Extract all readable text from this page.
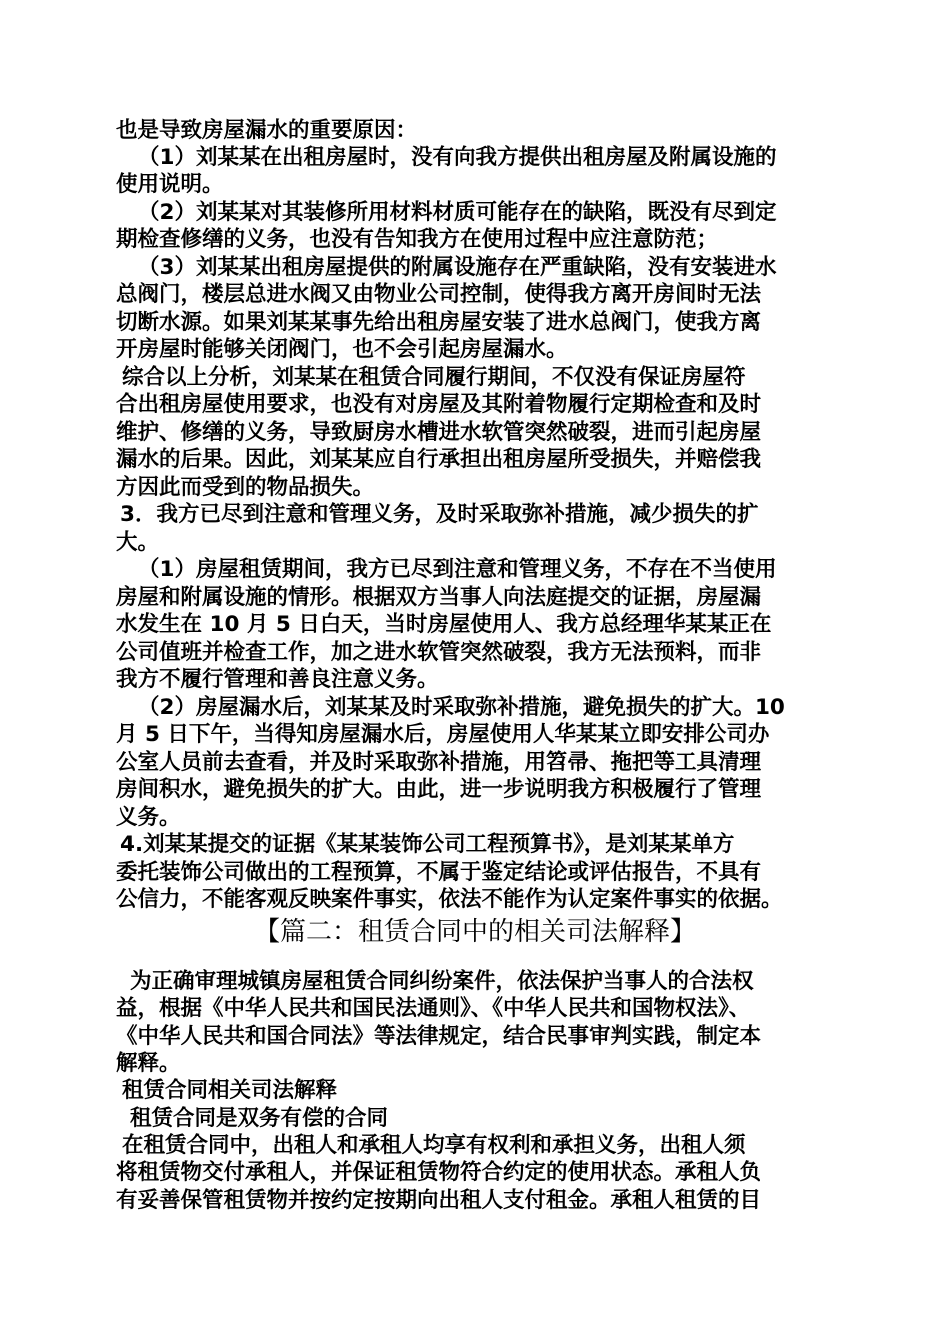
也是导致房屋漏水的重要原因：
（1）刘某某在出租房屋时，没有向我方提供出租房屋及附属设施的
使用说明。
（2）刘某某对其装修所用材料材质可能存在的缺陷，既没有尽到定
期检查修缮的义务，也没有告知我方在使用过程中应注意防范；
（3）刘某某出租房屋提供的附属设施存在严重缺陷，没有安装进水
总阀门，楼层总进水阀又由物业公司控制，使得我方离开房间时无法
切断水源。如果刘某某事先给出租房屋安装了进水总阀门，使我方离
开房屋时能够关闭阀门，也不会引起房屋漏水。
综合以上分析，刘某某在租赁合同履行期间，不仅没有保证房屋符
合出租房屋使用要求，也没有对房屋及其附着物履行定期检查和及时
维护、修缮的义务，导致厨房水槽进水软管突然破裂，进而引起房屋
漏水的后果。因此，刘某某应自行承担出租房屋所受损失，并赔偿我
方因此而受到的物品损失。
3．我方已尽到注意和管理义务，及时采取弥补措施，减少损失的扩
大。
（1）房屋租赁期间，我方已尽到注意和管理义务，不存在不当使用
房屋和附属设施的情形。根据双方当事人向法庭提交的证据，房屋漏
水发生在 10 月 5 日白天，当时房屋使用人、我方总经理华某某正在
公司值班并检查工作，加之进水软管突然破裂，我方无法预料，而非
我方不履行管理和善良注意义务。
（2）房屋漏水后，刘某某及时采取弥补措施，避免损失的扩大。10
月 5 日下午，当得知房屋漏水后，房屋使用人华某某立即安排公司办
公室人员前去查看，并及时采取弥补措施，用笤帚、拖把等工具清理
房间积水，避免损失的扩大。由此，进一步说明我方积极履行了管理
义务。
4.刘某某提交的证据《某某装饰公司工程预算书》，是刘某某单方
委托装饰公司做出的工程预算，不属于鉴定结论或评估报告，不具有
公信力，不能客观反映案件事实，依法不能作为认定案件事实的依据。
【篇二：租赁合同中的相关司法解释】
为正确审理城镇房屋租赁合同纠纷案件，依法保护当事人的合法权
益，根据《中华人民共和国民法通则》、《中华人民共和国物权法》、
《中华人民共和国合同法》等法律规定，结合民事审判实践，制定本
解释。
租赁合同相关司法解释
租赁合同是双务有偿的合同
在租赁合同中，出租人和承租人均享有权利和承担义务，出租人须
将租赁物交付承租人，并保证租赁物符合约定的使用状态。承租人负
有妥善保管租赁物并按约定按期向出租人支付租金。承租人租赁的目
